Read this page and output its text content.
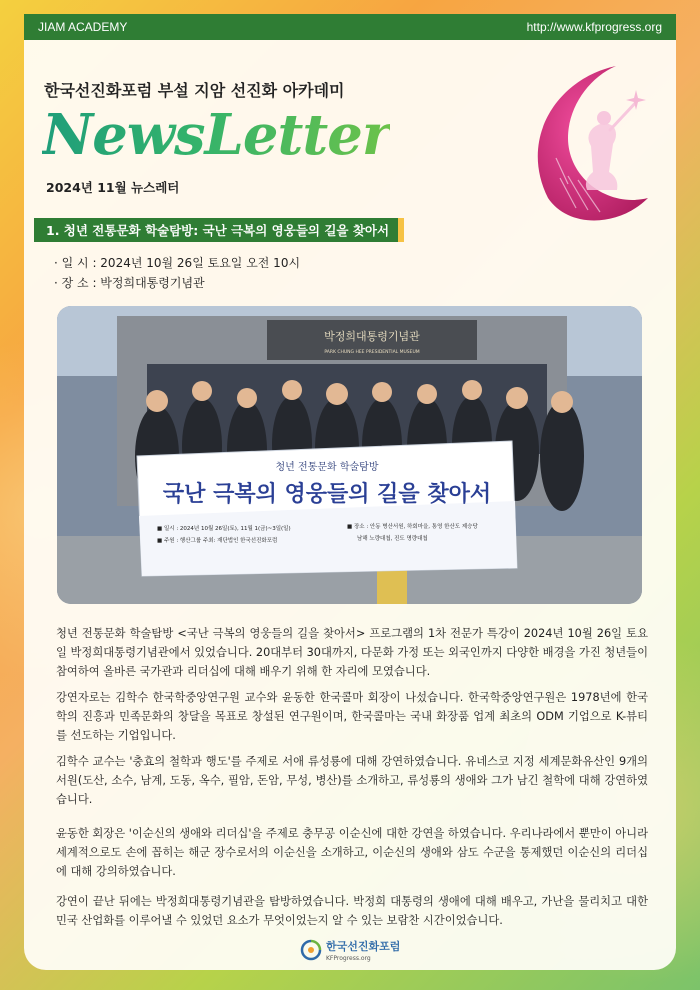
JIAM ACADEMY	http://www.kfprogress.org
한국선진화포럼 부설 지암 선진화 아카데미
NewsLetter
2024년 11월 뉴스레터
1. 청년 전통문화 학술탐방: 국난 극복의 영웅들의 길을 찾아서
· 일 시 : 2024년 10월 26일 토요일 오전 10시
· 장 소 : 박정희대통령기념관
박정희대통령기념관
PARK CHUNG HEE PRESIDENTIAL MUSEUM
청년 전통문화 학술탐방
국난 극복의 영웅들의 길을 찾아서
■ 일시 : 2024년 10월 26일(토), 11월 1(금)~3일(일)
■ 주원 : 행산그룹 주최: 재단법인 한국선진화포럼
■ 장소 : 안동 병산서원, 하회마을, 통영 한산도 제승당
남해 노량대첩, 진도 명량대첩

청년 전통문화 학술탐방 <국난 극복의 영웅들의 길을 찾아서> 프로그램의 1차 전문가 특강이 2024년 10월 26일 토요일 박정희대통령기념관에서 있었습니다. 20대부터 30대까지, 다문화 가정 또는 외국인까지 다양한 배경을 가진 청년들이 참여하여 올바른 국가관과 리더십에 대해 배우기 위해 한 자리에 모였습니다.

강연자로는 김학수 한국학중앙연구원 교수와 윤동한 한국콜마 회장이 나섰습니다. 한국학중앙연구원은 1978년에 한국학의 진흥과 민족문화의 창달을 목표로 창설된 연구원이며, 한국콜마는 국내 화장품 업계 최초의 ODM 기업으로 K-뷰티를 선도하는 기업입니다.

김학수 교수는 '충효의 철학과 행도'를 주제로 서애 류성룡에 대해 강연하였습니다. 유네스코 지정 세계문화유산인 9개의 서원(도산, 소수, 남계, 도동, 옥수, 필암, 돈암, 무성, 병산)를 소개하고, 류성룡의 생애와 그가 남긴 철학에 대해 강연하였습니다.

윤동한 회장은 '이순신의 생애와 리더십'을 주제로 충무공 이순신에 대한 강연을 하였습니다. 우리나라에서 뿐만이 아니라 세계적으로도 손에 꼽히는 해군 장수로서의 이순신을 소개하고, 이순신의 생애와 삼도 수군을 통제했던 이순신의 리더십에 대해 강의하였습니다.

강연이 끝난 뒤에는 박정희대통령기념관을 탐방하였습니다. 박정희 대통령의 생애에 대해 배우고, 가난을 물리치고 대한민국 산업화를 이루어낼 수 있었던 요소가 무엇이었는지 알 수 있는 보람찬 시간이었습니다.

한국선진화포럼
KFProgress.org
